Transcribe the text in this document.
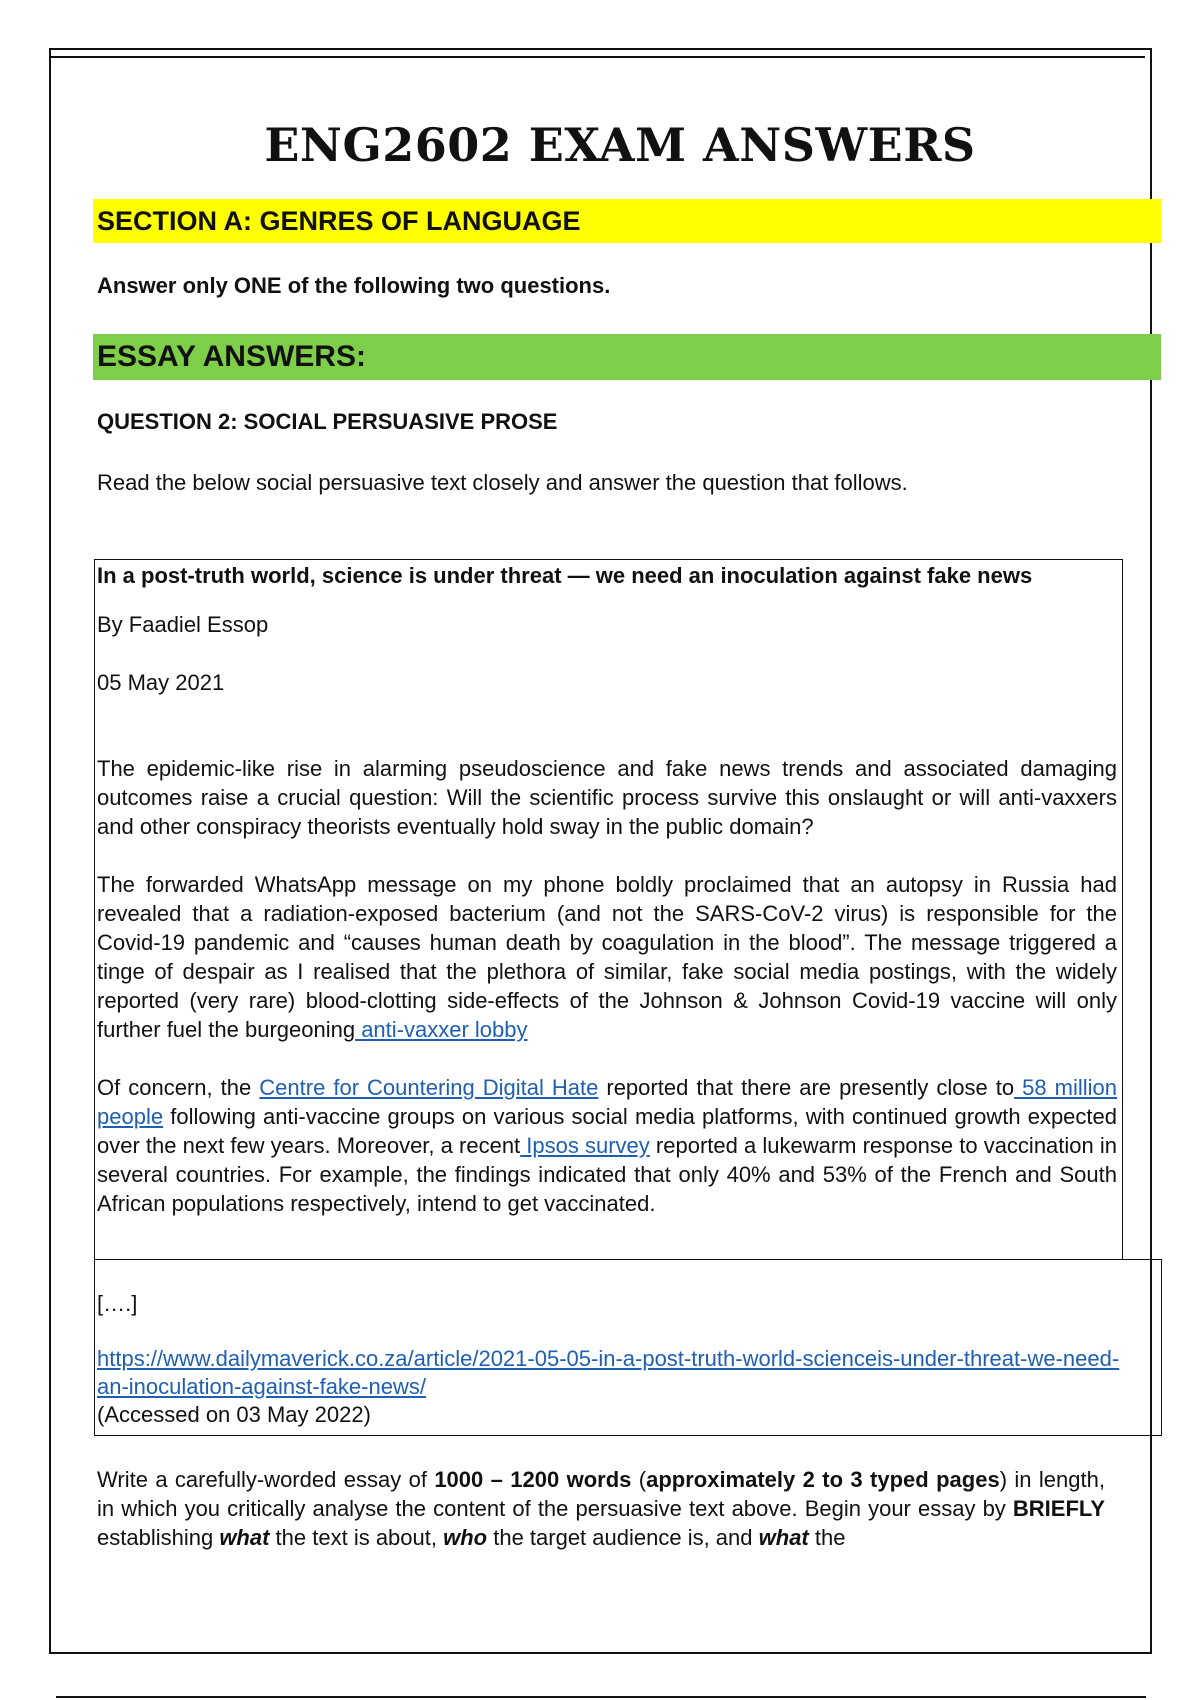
ENG2602 EXAM ANSWERS
SECTION A: GENRES OF LANGUAGE
Answer only ONE of the following two questions.
ESSAY ANSWERS:
QUESTION 2: SOCIAL PERSUASIVE PROSE
Read the below social persuasive text closely and answer the question that follows.

In a post-truth world, science is under threat — we need an inoculation against fake news

By Faadiel Essop

05 May 2021

The epidemic-like rise in alarming pseudoscience and fake news trends and associated damaging outcomes raise a crucial question: Will the scientific process survive this onslaught or will anti-vaxxers and other conspiracy theorists eventually hold sway in the public domain?

The forwarded WhatsApp message on my phone boldly proclaimed that an autopsy in Russia had revealed that a radiation-exposed bacterium (and not the SARS-CoV-2 virus) is responsible for the Covid-19 pandemic and “causes human death by coagulation in the blood”. The message triggered a tinge of despair as I realised that the plethora of similar, fake social media postings, with the widely reported (very rare) blood-clotting side-effects of the Johnson & Johnson Covid-19 vaccine will only further fuel the burgeoning anti-vaxxer lobby

Of concern, the Centre for Countering Digital Hate reported that there are presently close to 58 million people following anti-vaccine groups on various social media platforms, with continued growth expected over the next few years. Moreover, a recent Ipsos survey reported a lukewarm response to vaccination in several countries. For example, the findings indicated that only 40% and 53% of the French and South African populations respectively, intend to get vaccinated.

[….]

https://www.dailymaverick.co.za/article/2021-05-05-in-a-post-truth-world-scienceis-under-threat-we-need-an-inoculation-against-fake-news/

(Accessed on 03 May 2022)

Write a carefully-worded essay of 1000 – 1200 words (approximately 2 to 3 typed pages) in length, in which you critically analyse the content of the persuasive text above. Begin your essay by BRIEFLY establishing what the text is about, who the target audience is, and what the
